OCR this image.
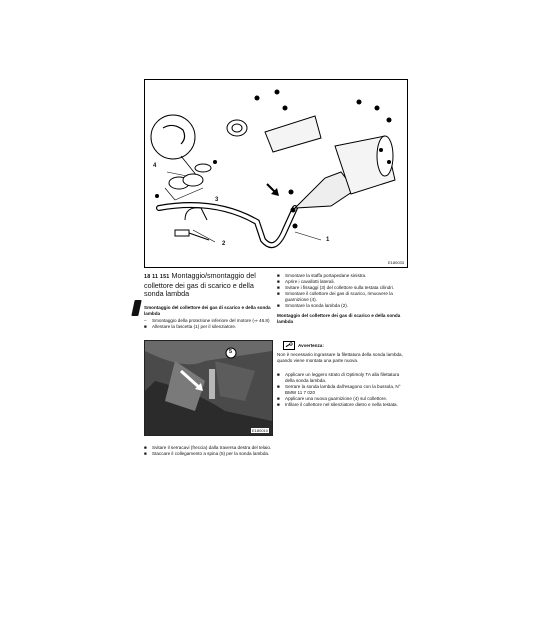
4
3
2
1
E180033
18 11 151 Montaggio/smontaggio del collettore dei gas di scarico e della sonda lambda
Smontaggio del collettore dei gas di scarico e della sonda lambda
– Smontaggio della protezione inferiore del motore (⇒ 46.8)
■ Allentare la fascetta (1) per il silenziatore.
5
E180010
■ Svitare il serracavi (freccia) dalla traversa destra del telaio.
■ Staccare il collegamento a spina (5) per la sonda lambda.
■ Smontare la staffa portapedane sinistra.
■ Aprire i cavallotti laterali.
■ Svitare i fissaggi (3) del collettore sulla testata cilindri.
■ Smontare il collettore dei gas di scarico, rimuovere la guarnizione (4).
■ Smontare la sonda lambda (2).
Montaggio del collettore dei gas di scarico e della sonda lambda
Avvertenza:
Non è necessario ingrassare la filettatura della sonda lambda, quando viene montata una parte nuova.
■ Applicare un leggero strato di Optimoly TA alla filettatura della sonda lambda.
■ Serrare la sonda lambda dall'esagono con la bussola, N° BMW 11 7 020
■ Applicare una nuova guarnizione (4) sul collettore.
■ Infilare il collettore nel silenziatore dietro e nella testata.
